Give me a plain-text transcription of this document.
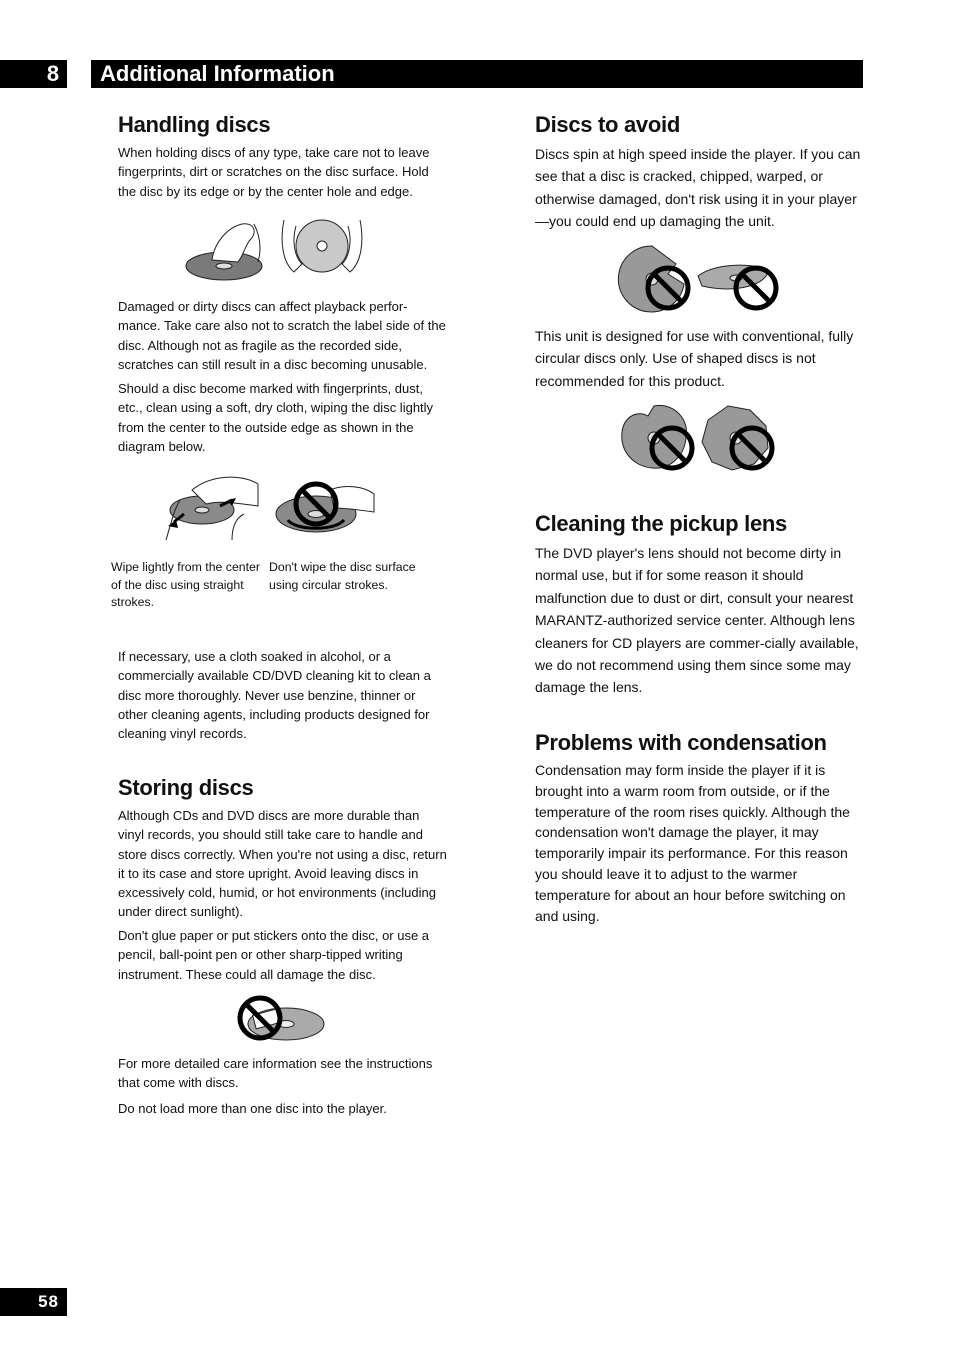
8	Additional Information
Handling discs

When holding discs of any type, take care not to leave fingerprints, dirt or scratches on the disc surface. Hold the disc by its edge or by the center hole and edge.

Damaged or dirty discs can affect playback perfor-mance. Take care also not to scratch the label side of the disc. Although not as fragile as the recorded side, scratches can still result in a disc becoming unusable.

Should a disc become marked with fingerprints, dust, etc., clean using a soft, dry cloth, wiping the disc lightly from the center to the outside edge as shown in the diagram below.

Wipe lightly from the center of the disc using straight strokes.

Don't wipe the disc surface using circular strokes.

If necessary, use a cloth soaked in alcohol, or a commercially available CD/DVD cleaning kit to clean a disc more thoroughly. Never use benzine, thinner or other cleaning agents, including products designed for cleaning vinyl records.

Storing discs

Although CDs and DVD discs are more durable than vinyl records, you should still take care to handle and store discs correctly. When you're not using a disc, return it to its case and store upright. Avoid leaving discs in excessively cold, humid, or hot environments (including under direct sunlight).

Don't glue paper or put stickers onto the disc, or use a pencil, ball-point pen or other sharp-tipped writing instrument. These could all damage the disc.

For more detailed care information see the instructions that come with discs.

Do not load more than one disc into the player.

Discs to avoid

Discs spin at high speed inside the player. If you can see that a disc is cracked, chipped, warped, or otherwise damaged, don't risk using it in your player—you could end up damaging the unit.

This unit is designed for use with conventional, fully circular discs only. Use of shaped discs is not recommended for this product.

Cleaning the pickup lens

The DVD player's lens should not become dirty in normal use, but if for some reason it should malfunction due to dust or dirt, consult your nearest MARANTZ-authorized service center. Although lens cleaners for CD players are commer-cially available, we do not recommend using them since some may damage the lens.

Problems with condensation

Condensation may form inside the player if it is brought into a warm room from outside, or if the temperature of the room rises quickly. Although the condensation won't damage the player, it may temporarily impair its performance. For this reason you should leave it to adjust to the warmer temperature for about an hour before switching on and using.

58
